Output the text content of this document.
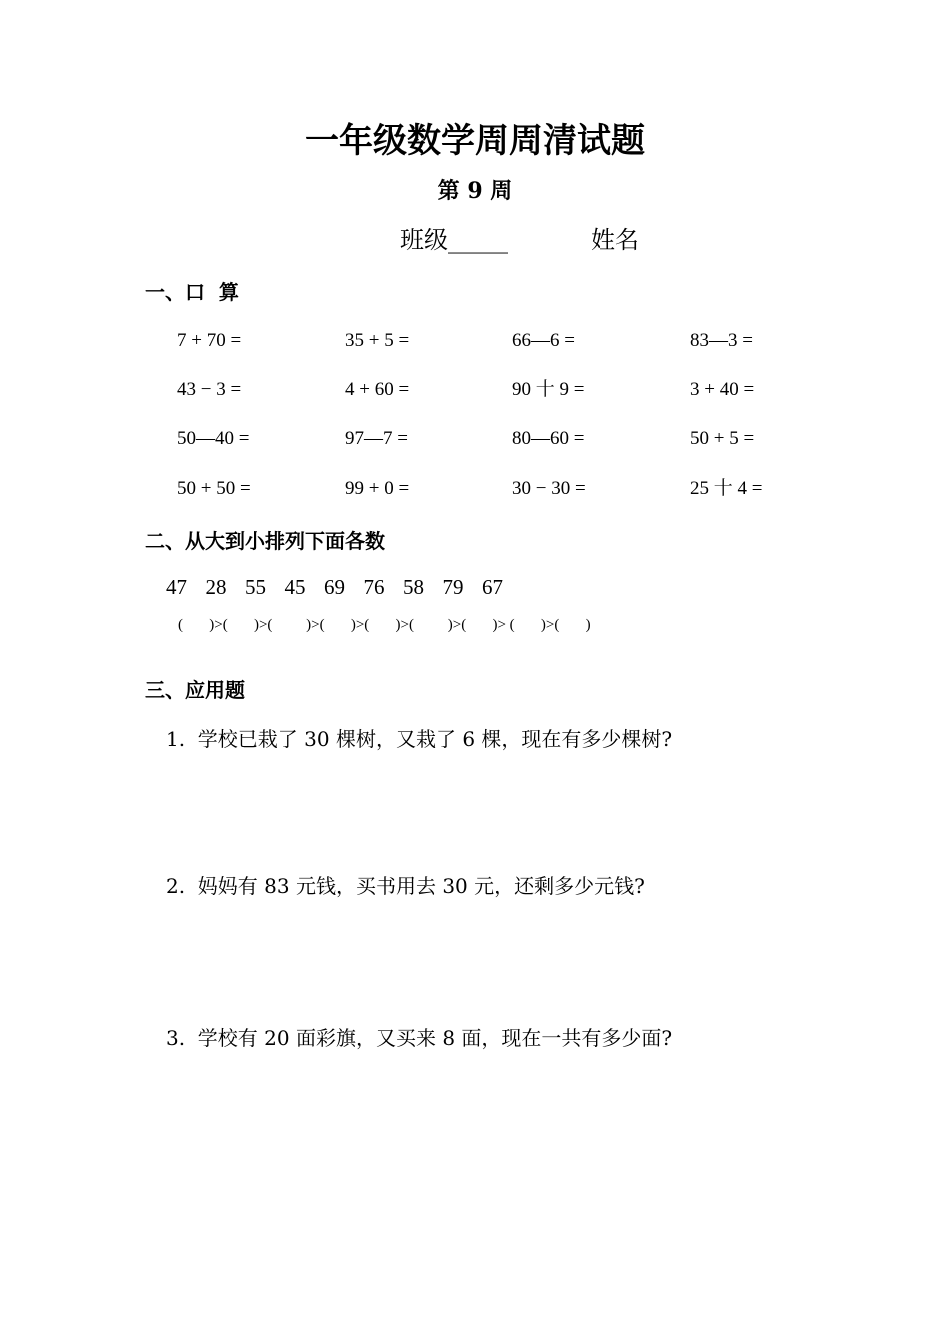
一年级数学周周清试题
第 9 周
班级_____	姓名
一、口  算
7 + 70 =	35 + 5 =	66—6 =	83—3 =
43 − 3 =	4 + 60 =	90 十 9 =	3 + 40 =
50—40 =	97—7 =	80—60 =	50 + 5 =
50 + 50 =	99 + 0 =	30 − 30 =	25 十 4 =
二、从大到小排列下面各数
47  28  55  45  69  76  58  79  67
(       )>(       )>(         )>(       )>(       )>(         )>(       )> (       )>(       )
三、应用题
1.  学校已栽了 30 棵树，又栽了 6 棵，现在有多少棵树?
2.  妈妈有 83 元钱，买书用去 30 元，还剩多少元钱?
3.  学校有 20 面彩旗，又买来 8 面，现在一共有多少面?
